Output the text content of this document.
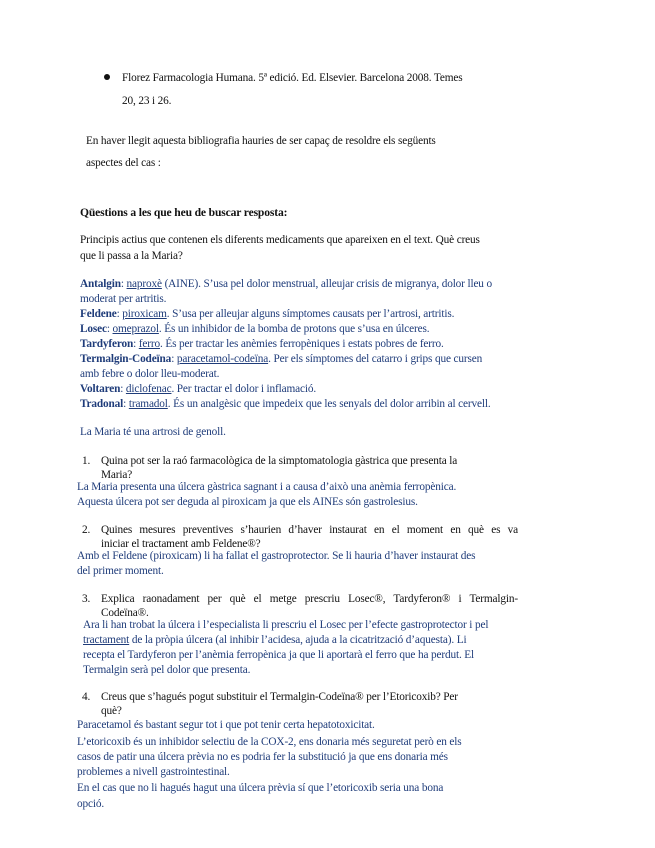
Florez Farmacologia Humana. 5ª edició. Ed. Elsevier. Barcelona 2008. Temes
20, 23 i 26.
En haver llegit aquesta bibliografia hauries de ser capaç de resoldre els següents
aspectes del cas :
Qüestions a les que heu de buscar resposta:
Principis actius que contenen els diferents medicaments que apareixen en el text. Què creus
que li passa a la Maria?
Antalgin: naproxè (AINE). S’usa pel dolor menstrual, alleujar crisis de migranya, dolor lleu o
moderat per artritis.
Feldene: piroxicam. S’usa per alleujar alguns símptomes causats per l’artrosi, artritis.
Losec: omeprazol. És un inhibidor de la bomba de protons que s’usa en úlceres.
Tardyferon: ferro. És per tractar les anèmies ferropèniques i estats pobres de ferro.
Termalgin-Codeïna: paracetamol-codeïna. Per els símptomes del catarro i grips que cursen
amb febre o dolor lleu-moderat.
Voltaren: diclofenac. Per tractar el dolor i inflamació.
Tradonal: tramadol. És un analgèsic que impedeix que les senyals del dolor arribin al cervell.
La Maria té una artrosi de genoll.
1. Quina pot ser la raó farmacològica de la simptomatologia gàstrica que presenta la
Maria?
La Maria presenta una úlcera gàstrica sagnant i a causa d’això una anèmia ferropènica.
Aquesta úlcera pot ser deguda al piroxicam ja que els AINEs són gastrolesius.
2. Quines mesures preventives s’haurien d’haver instaurat en el moment en què es va
iniciar el tractament amb Feldene®?
Amb el Feldene (piroxicam) li ha fallat el gastroprotector. Se li hauria d’haver instaurat des
del primer moment.
3. Explica raonadament per què el metge prescriu Losec®, Tardyferon® i Termalgin-
Codeïna®.
Ara li han trobat la úlcera i l’especialista li prescriu el Losec per l’efecte gastroprotector i pel
tractament de la pròpia úlcera (al inhibir l’acidesa, ajuda a la cicatrització d’aquesta). Li
recepta el Tardyferon per l’anèmia ferropènica ja que li aportarà el ferro que ha perdut. El
Termalgin serà pel dolor que presenta.
4. Creus que s’hagués pogut substituir el Termalgin-Codeïna® per l’Etoricoxib? Per
què?
Paracetamol és bastant segur tot i que pot tenir certa hepatotoxicitat.
L’etoricoxib és un inhibidor selectiu de la COX-2, ens donaria més seguretat però en els
casos de patir una úlcera prèvia no es podria fer la substitució ja que ens donaria més
problemes a nivell gastrointestinal.
En el cas que no li hagués hagut una úlcera prèvia sí que l’etoricoxib seria una bona
opció.
